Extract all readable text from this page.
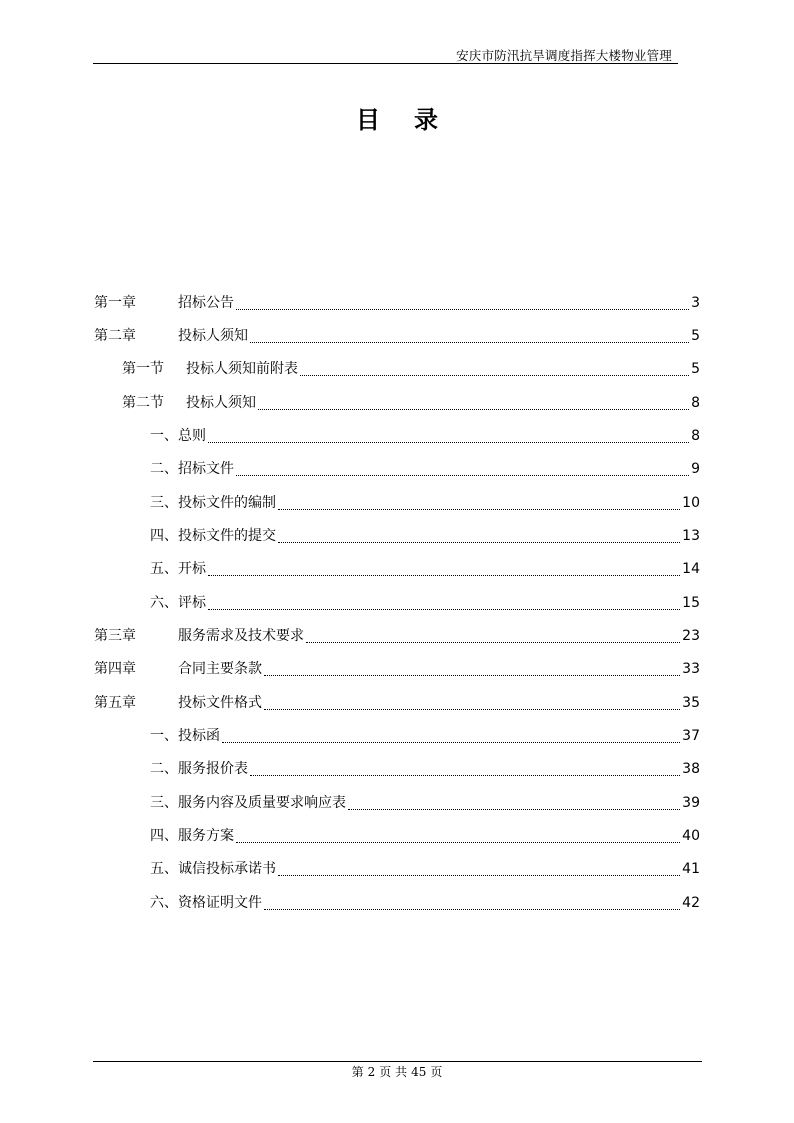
安庆市防汛抗旱调度指挥大楼物业管理
目录
第一章	招标公告	3
第二章	投标人须知	5
第一节	投标人须知前附表	5
第二节	投标人须知	8
一、 总则	8
二、 招标文件	9
三、 投标文件的编制	10
四、 投标文件的提交	13
五、 开标	14
六、 评标	15
第三章	服务需求及技术要求	23
第四章	合同主要条款	33
第五章	投标文件格式	35
一、 投标函	37
二、 服务报价表	38
三、 服务内容及质量要求响应表	39
四、 服务方案	40
五、 诚信投标承诺书	41
六、 资格证明文件	42
第 2 页 共 45 页
